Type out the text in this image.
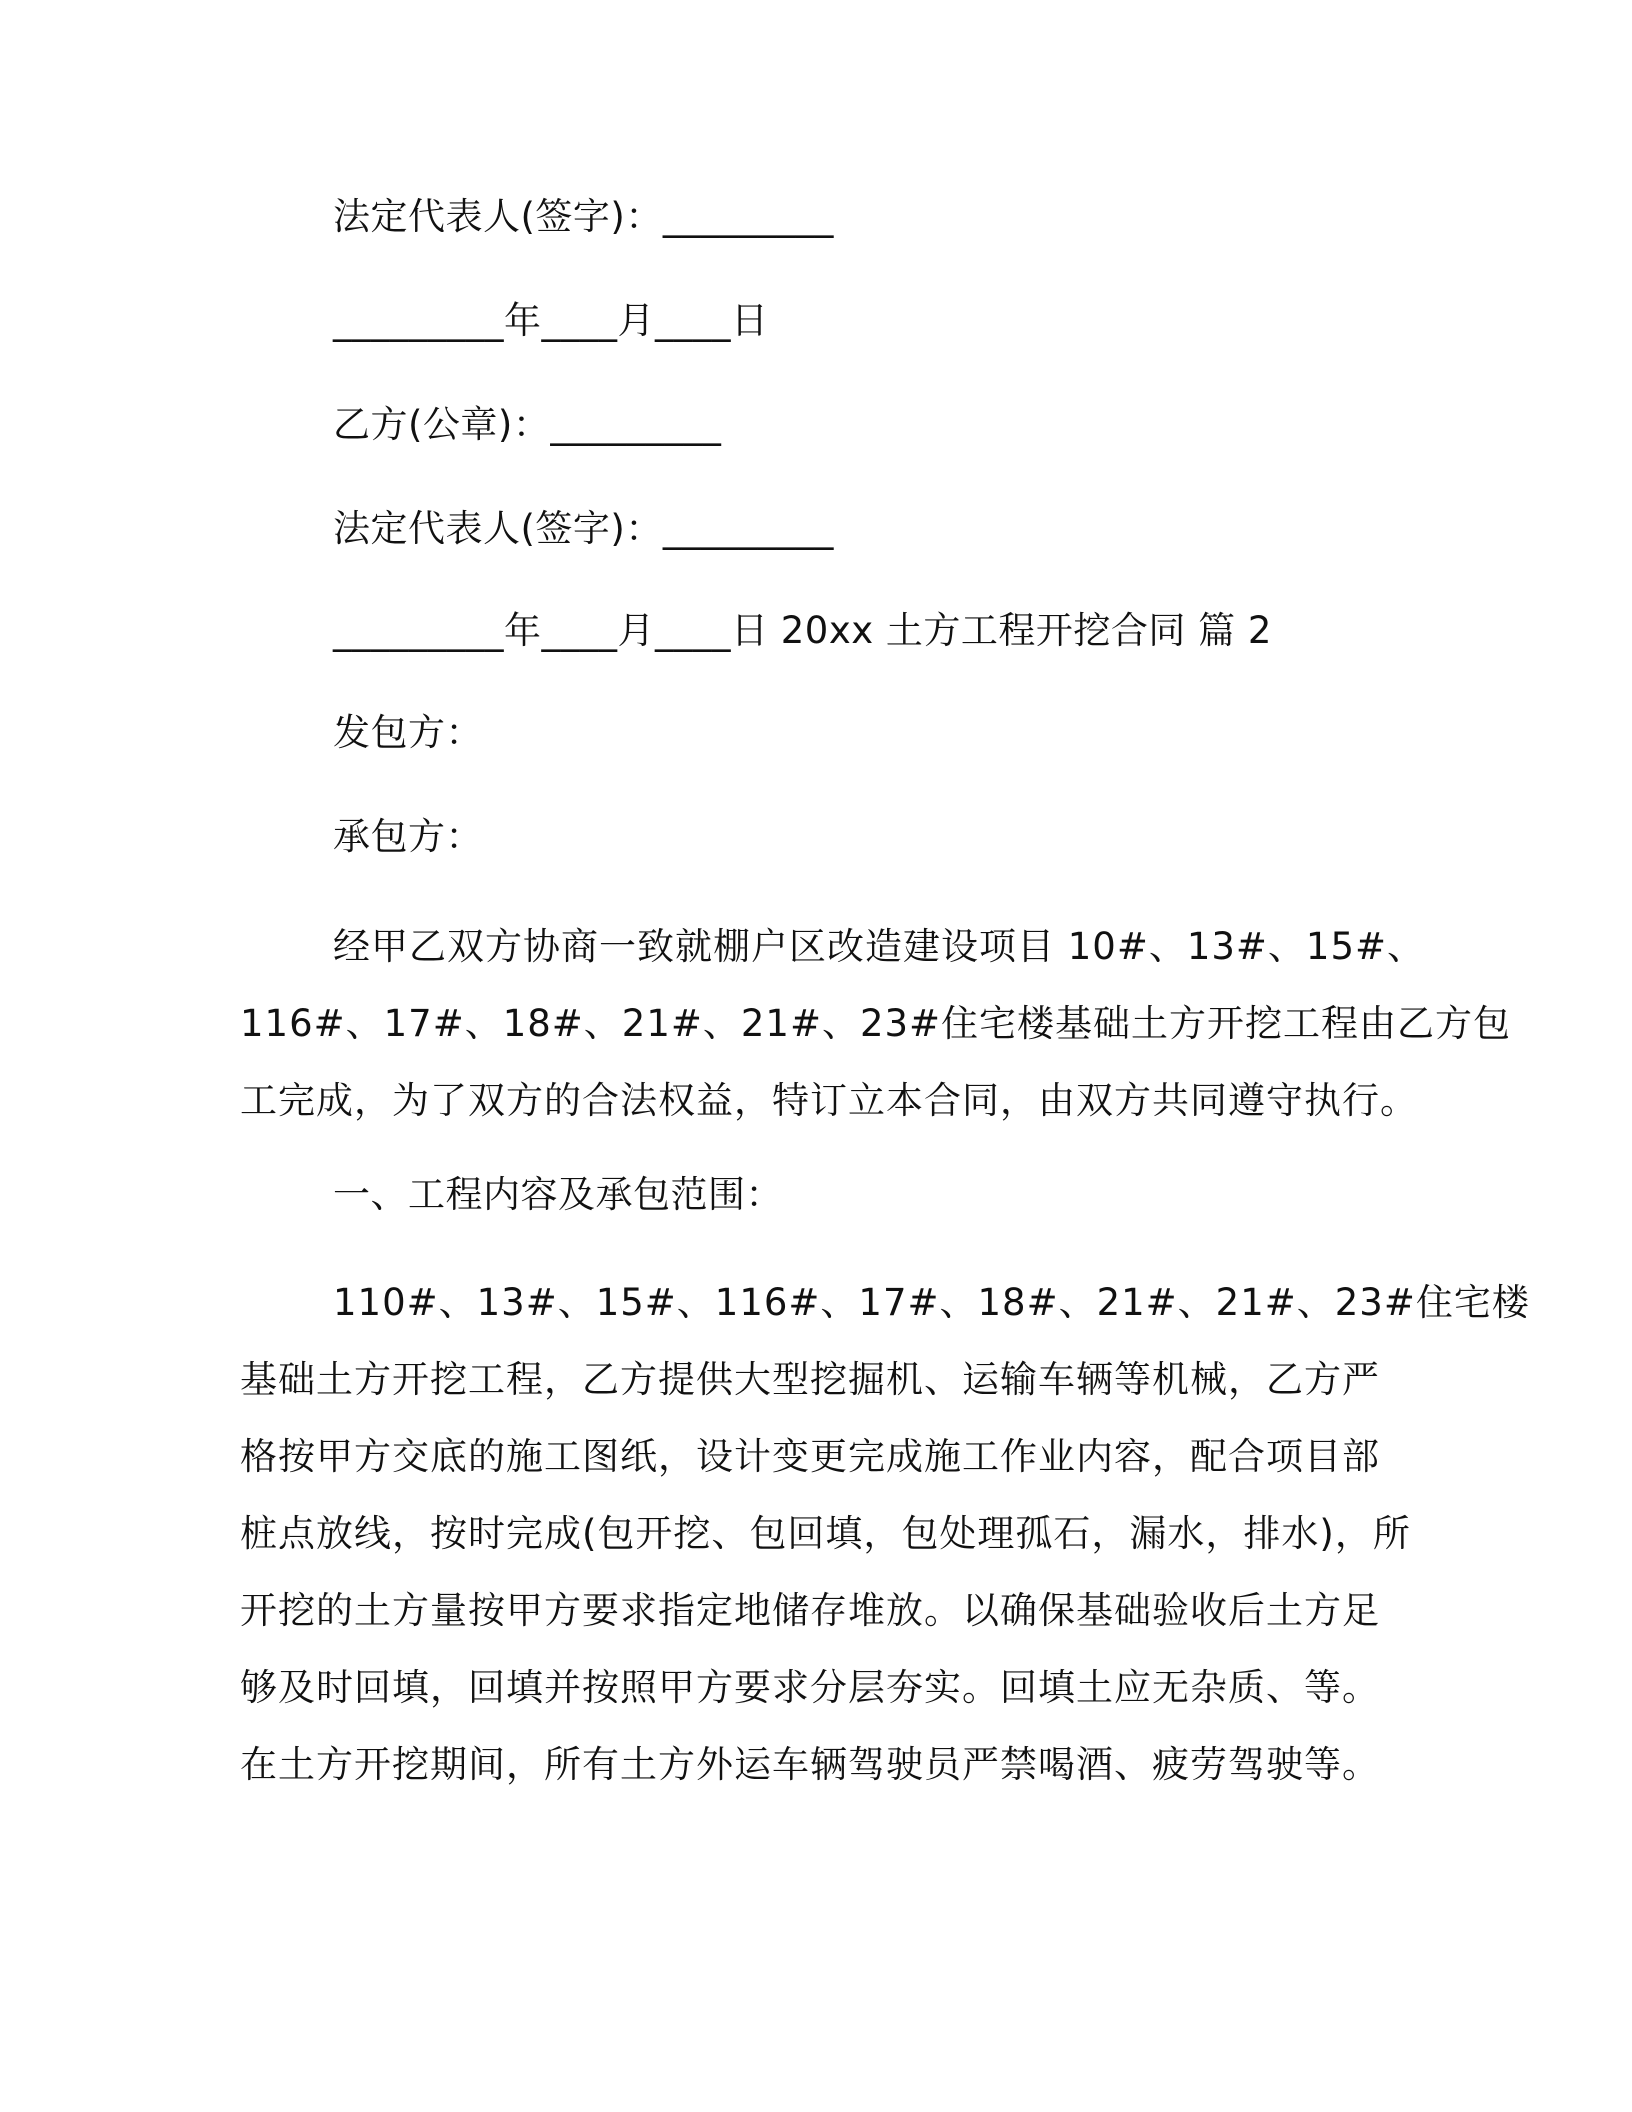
法定代表人(签字)：_________
_________年____月____日
乙方(公章)：_________
法定代表人(签字)：_________
_________年____月____日 20xx 土方工程开挖合同 篇 2
发包方：
承包方：
经甲乙双方协商一致就棚户区改造建设项目 10#、13#、15#、
116#、17#、18#、21#、21#、23#住宅楼基础土方开挖工程由乙方包
工完成，为了双方的合法权益，特订立本合同，由双方共同遵守执行。
一、工程内容及承包范围：
110#、13#、15#、116#、17#、18#、21#、21#、23#住宅楼
基础土方开挖工程，乙方提供大型挖掘机、运输车辆等机械，乙方严
格按甲方交底的施工图纸，设计变更完成施工作业内容，配合项目部
桩点放线，按时完成(包开挖、包回填，包处理孤石，漏水，排水)，所
开挖的土方量按甲方要求指定地储存堆放。以确保基础验收后土方足
够及时回填，回填并按照甲方要求分层夯实。回填土应无杂质、等。
在土方开挖期间，所有土方外运车辆驾驶员严禁喝酒、疲劳驾驶等。
